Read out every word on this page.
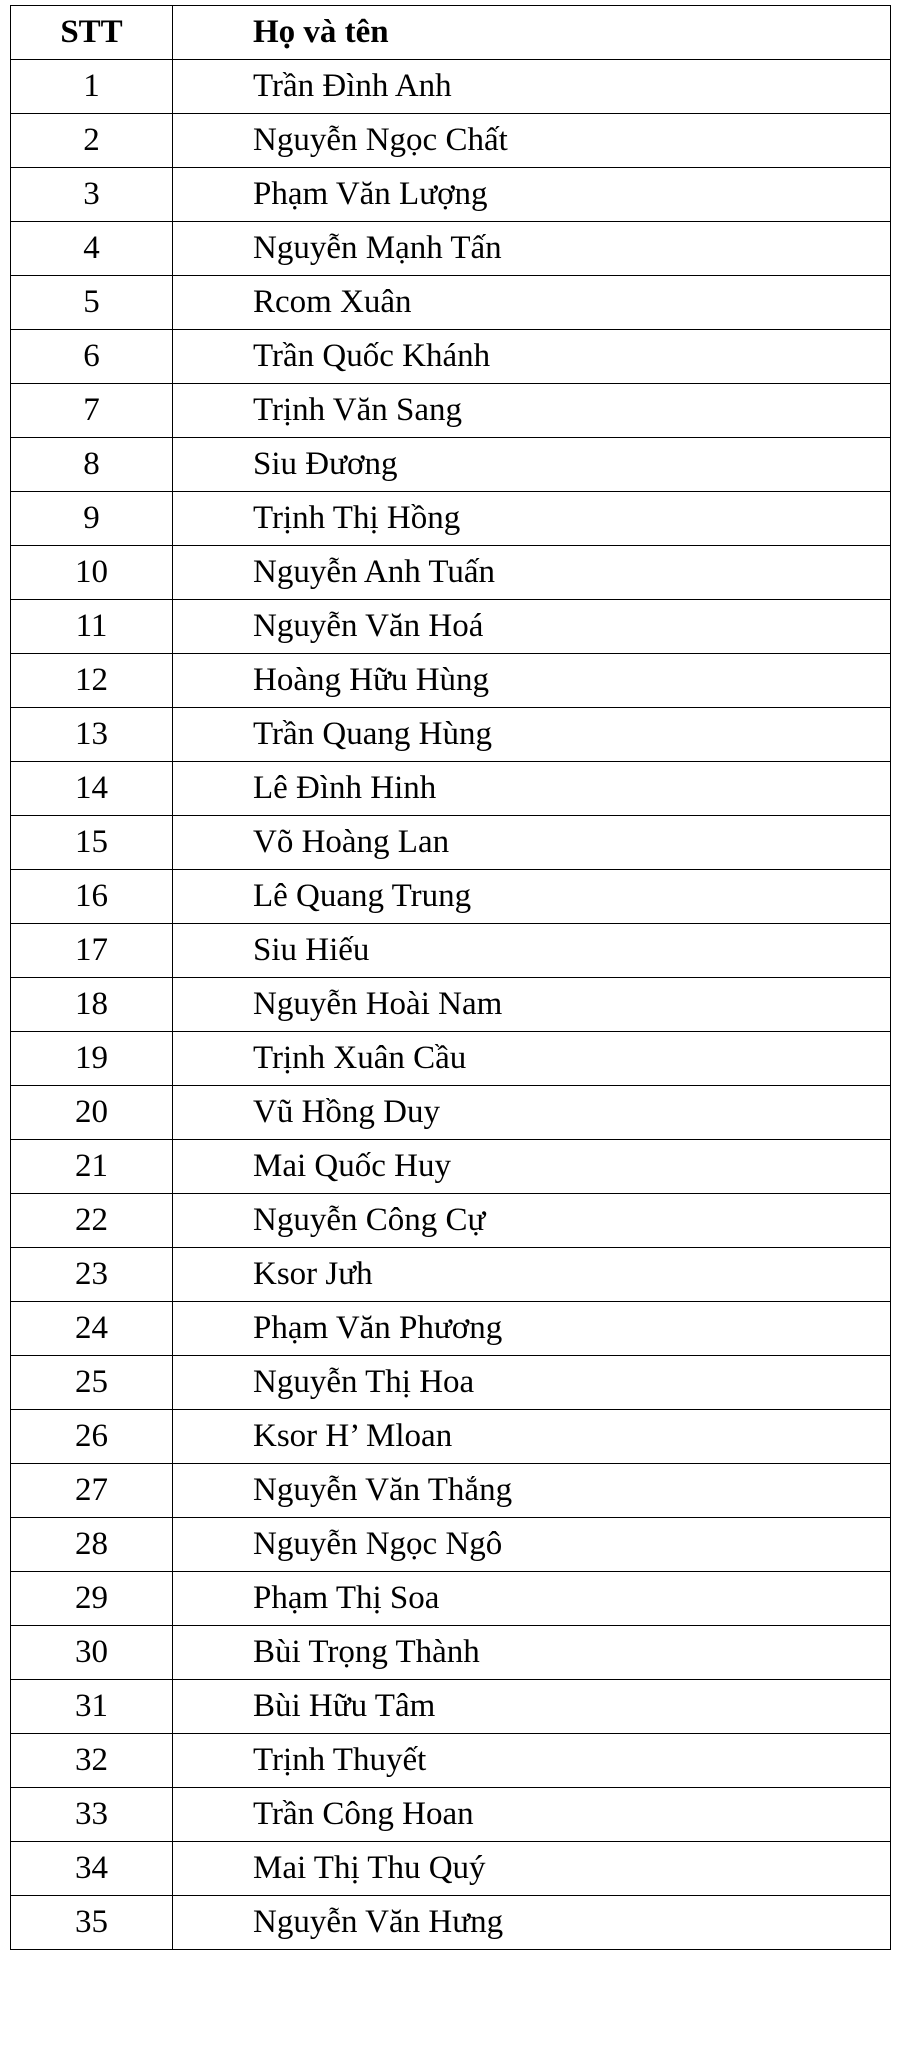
STT	Họ và tên
1	Trần Đình Anh
2	Nguyễn Ngọc Chất
3	Phạm Văn Lượng
4	Nguyễn Mạnh Tấn
5	Rcom Xuân
6	Trần Quốc Khánh
7	Trịnh Văn Sang
8	Siu Đương
9	Trịnh Thị Hồng
10	Nguyễn Anh Tuấn
11	Nguyễn Văn Hoá
12	Hoàng Hữu Hùng
13	Trần Quang Hùng
14	Lê Đình Hinh
15	Võ Hoàng Lan
16	Lê Quang Trung
17	Siu Hiếu
18	Nguyễn Hoài Nam
19	Trịnh Xuân Cầu
20	Vũ Hồng Duy
21	Mai Quốc Huy
22	Nguyễn Công Cự
23	Ksor Jưh
24	Phạm Văn Phương
25	Nguyễn Thị Hoa
26	Ksor H’ Mloan
27	Nguyễn Văn Thắng
28	Nguyễn Ngọc Ngô
29	Phạm Thị Soa
30	Bùi Trọng Thành
31	Bùi Hữu Tâm
32	Trịnh Thuyết
33	Trần Công Hoan
34	Mai Thị Thu Quý
35	Nguyễn Văn Hưng
